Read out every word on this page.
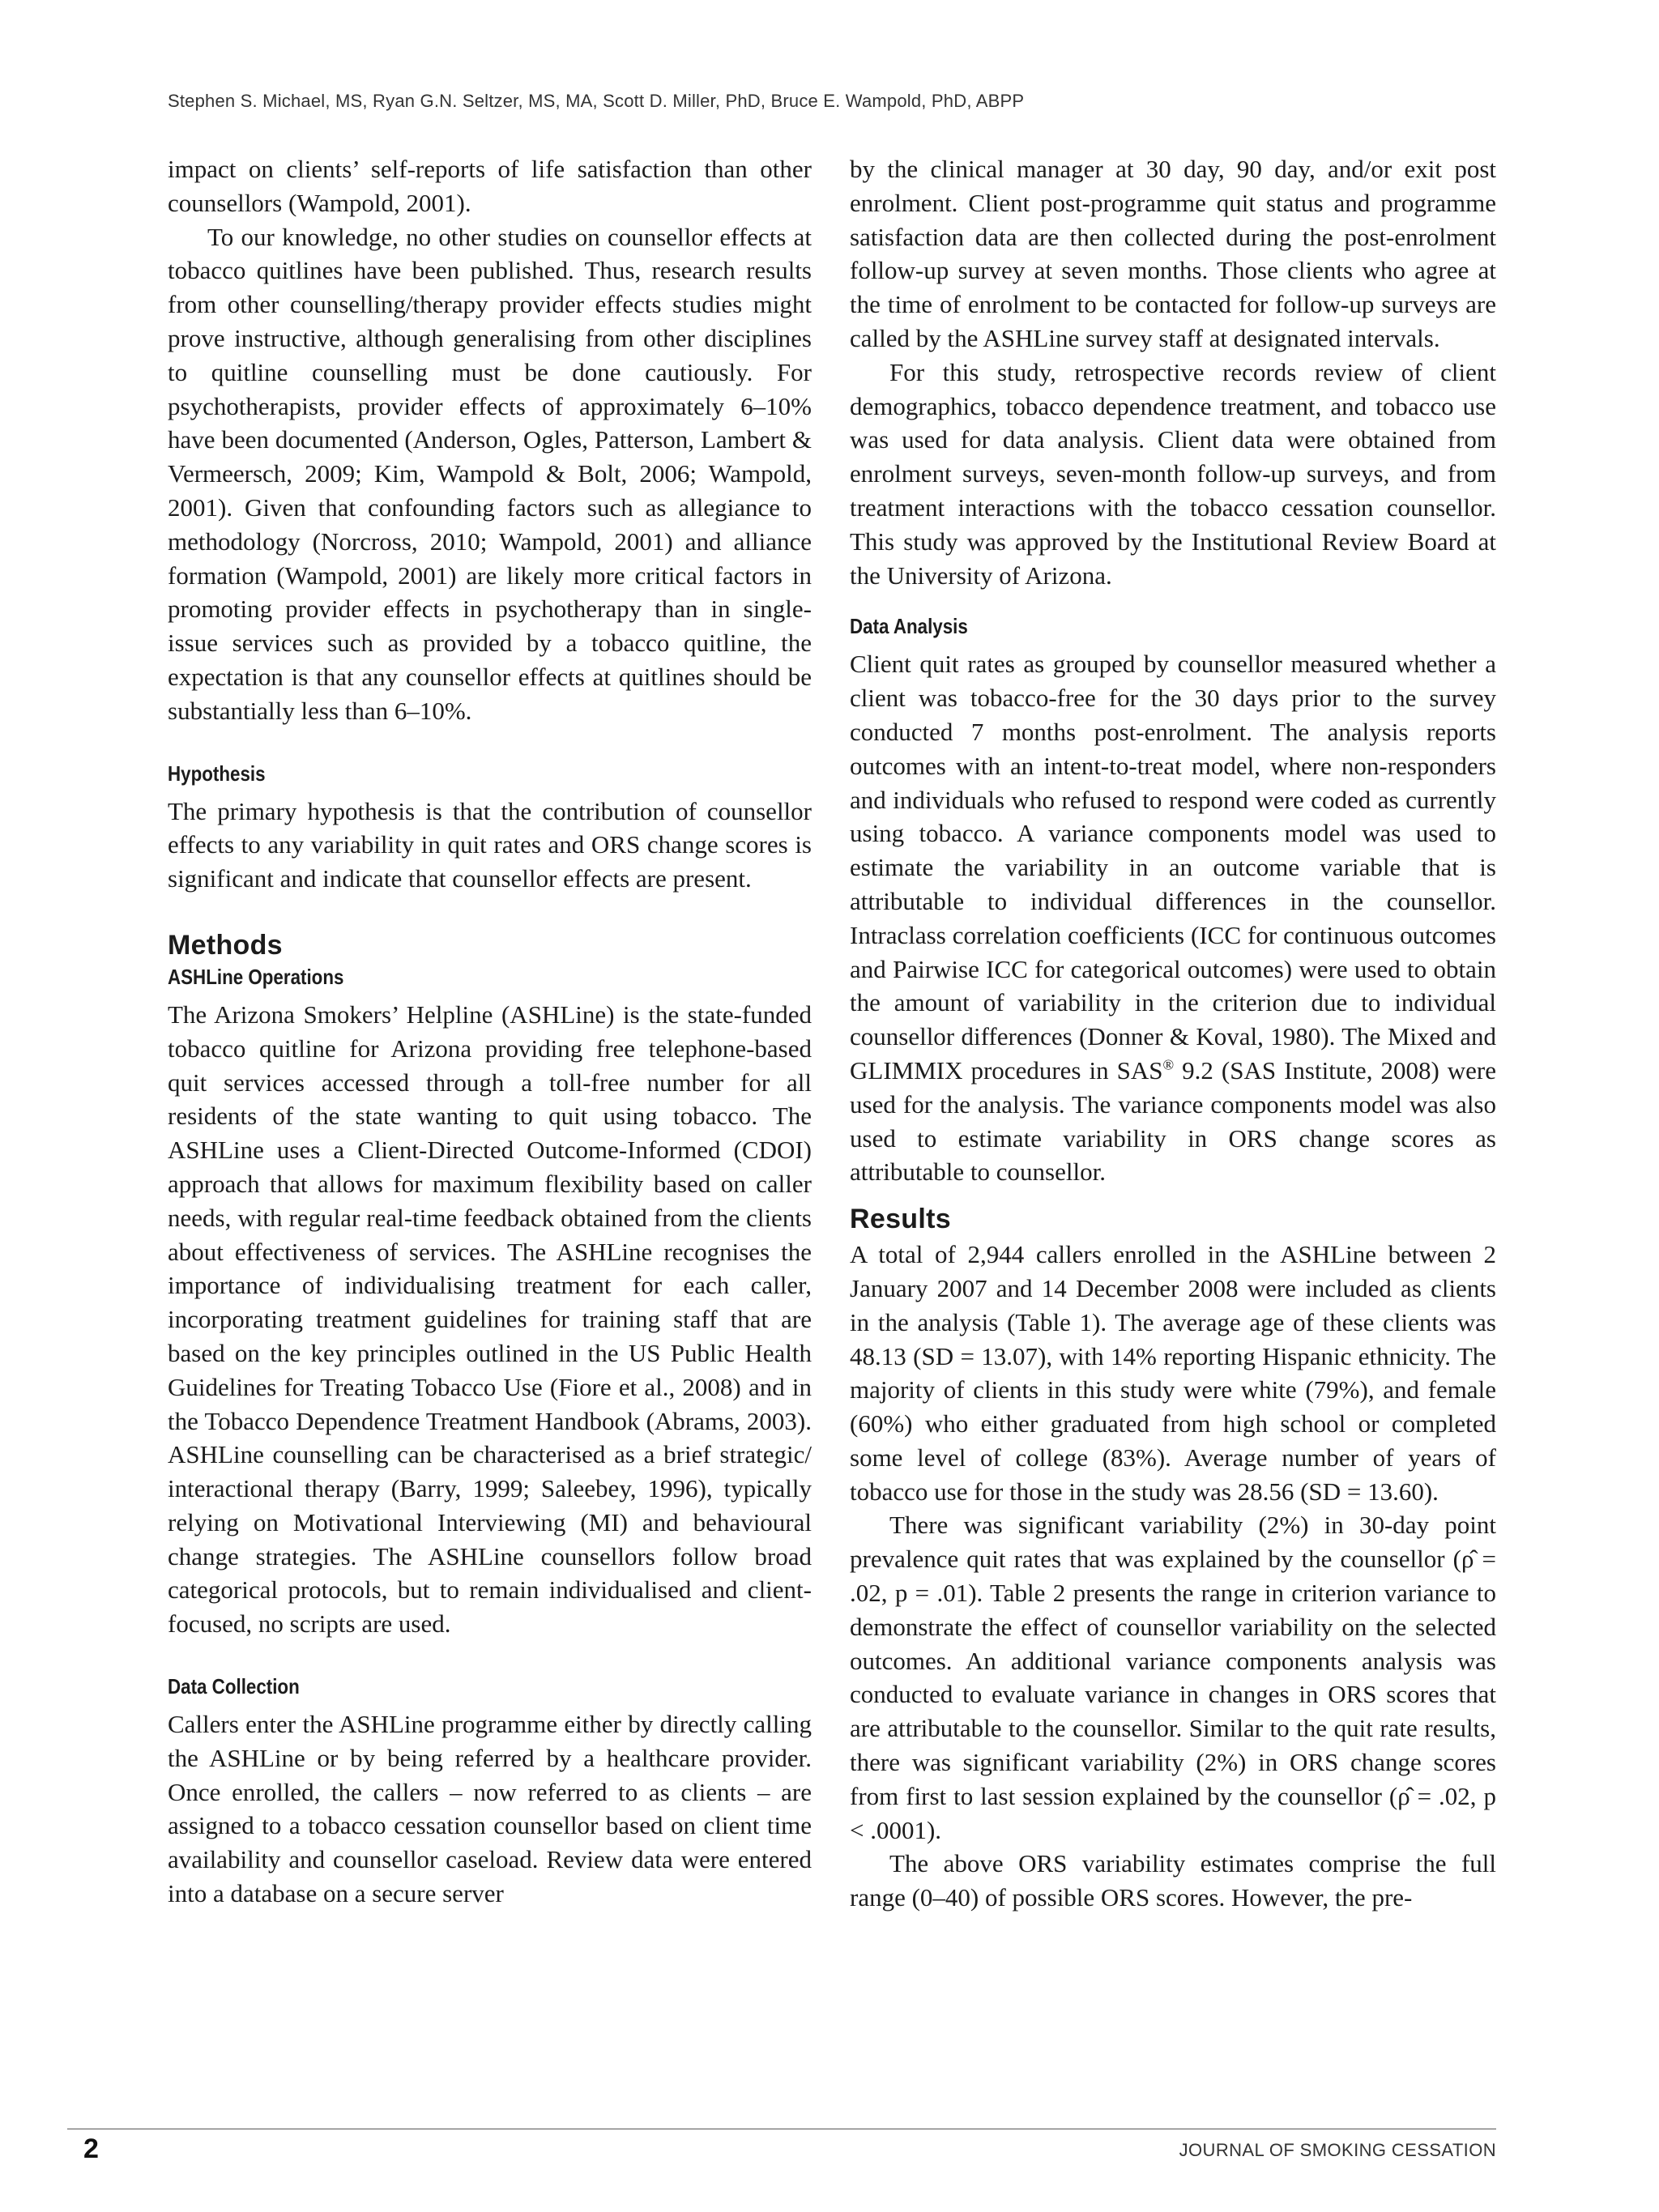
Stephen S. Michael, MS, Ryan G.N. Seltzer, MS, MA, Scott D. Miller, PhD, Bruce E. Wampold, PhD, ABPP

impact on clients’ self-reports of life satisfaction than other counsellors (Wampold, 2001).

To our knowledge, no other studies on counsellor effects at tobacco quitlines have been published. Thus, research results from other counselling/therapy provider effects studies might prove instructive, although generalising from other disciplines to quitline counselling must be done cautiously. For psychotherapists, provider effects of approximately 6–10% have been documented (Anderson, Ogles, Patterson, Lambert & Vermeersch, 2009; Kim, Wampold & Bolt, 2006; Wampold, 2001). Given that confounding factors such as allegiance to methodology (Norcross, 2010; Wampold, 2001) and alliance formation (Wampold, 2001) are likely more critical factors in promoting provider effects in psychotherapy than in single-issue services such as provided by a tobacco quitline, the expectation is that any counsellor effects at quitlines should be substantially less than 6–10%.

Hypothesis

The primary hypothesis is that the contribution of counsellor effects to any variability in quit rates and ORS change scores is significant and indicate that counsellor effects are present.

Methods
ASHLine Operations

The Arizona Smokers’ Helpline (ASHLine) is the state-funded tobacco quitline for Arizona providing free telephone-based quit services accessed through a toll-free number for all residents of the state wanting to quit using tobacco. The ASHLine uses a Client-Directed Outcome-Informed (CDOI) approach that allows for maximum flexibility based on caller needs, with regular real-time feedback obtained from the clients about effectiveness of services. The ASHLine recognises the importance of individualising treatment for each caller, incorporating treatment guidelines for training staff that are based on the key principles outlined in the US Public Health Guidelines for Treating Tobacco Use (Fiore et al., 2008) and in the Tobacco Dependence Treatment Handbook (Abrams, 2003). ASHLine counselling can be characterised as a brief strategic/ interactional therapy (Barry, 1999; Saleebey, 1996), typically relying on Motivational Interviewing (MI) and behavioural change strategies. The ASHLine counsellors follow broad categorical protocols, but to remain individualised and client-focused, no scripts are used.

Data Collection

Callers enter the ASHLine programme either by directly calling the ASHLine or by being referred by a healthcare provider. Once enrolled, the callers – now referred to as clients – are assigned to a tobacco cessation counsellor based on client time availability and counsellor caseload. Review data were entered into a database on a secure server

by the clinical manager at 30 day, 90 day, and/or exit post enrolment. Client post-programme quit status and programme satisfaction data are then collected during the post-enrolment follow-up survey at seven months. Those clients who agree at the time of enrolment to be contacted for follow-up surveys are called by the ASHLine survey staff at designated intervals.

For this study, retrospective records review of client demographics, tobacco dependence treatment, and tobacco use was used for data analysis. Client data were obtained from enrolment surveys, seven-month follow-up surveys, and from treatment interactions with the tobacco cessation counsellor. This study was approved by the Institutional Review Board at the University of Arizona.

Data Analysis

Client quit rates as grouped by counsellor measured whether a client was tobacco-free for the 30 days prior to the survey conducted 7 months post-enrolment. The analysis reports outcomes with an intent-to-treat model, where non-responders and individuals who refused to respond were coded as currently using tobacco. A variance components model was used to estimate the variability in an outcome variable that is attributable to individual differences in the counsellor. Intraclass correlation coefficients (ICC for continuous outcomes and Pairwise ICC for categorical outcomes) were used to obtain the amount of variability in the criterion due to individual counsellor differences (Donner & Koval, 1980). The Mixed and GLIMMIX procedures in SAS® 9.2 (SAS Institute, 2008) were used for the analysis. The variance components model was also used to estimate variability in ORS change scores as attributable to counsellor.

Results

A total of 2,944 callers enrolled in the ASHLine between 2 January 2007 and 14 December 2008 were included as clients in the analysis (Table 1). The average age of these clients was 48.13 (SD = 13.07), with 14% reporting Hispanic ethnicity. The majority of clients in this study were white (79%), and female (60%) who either graduated from high school or completed some level of college (83%). Average number of years of tobacco use for those in the study was 28.56 (SD = 13.60).

There was significant variability (2%) in 30-day point prevalence quit rates that was explained by the counsellor (ρ̂ = .02, p = .01). Table 2 presents the range in criterion variance to demonstrate the effect of counsellor variability on the selected outcomes. An additional variance components analysis was conducted to evaluate variance in changes in ORS scores that are attributable to the counsellor. Similar to the quit rate results, there was significant variability (2%) in ORS change scores from first to last session explained by the counsellor (ρ̂ = .02, p < .0001).

The above ORS variability estimates comprise the full range (0–40) of possible ORS scores. However, the pre-

2	JOURNAL OF SMOKING CESSATION
